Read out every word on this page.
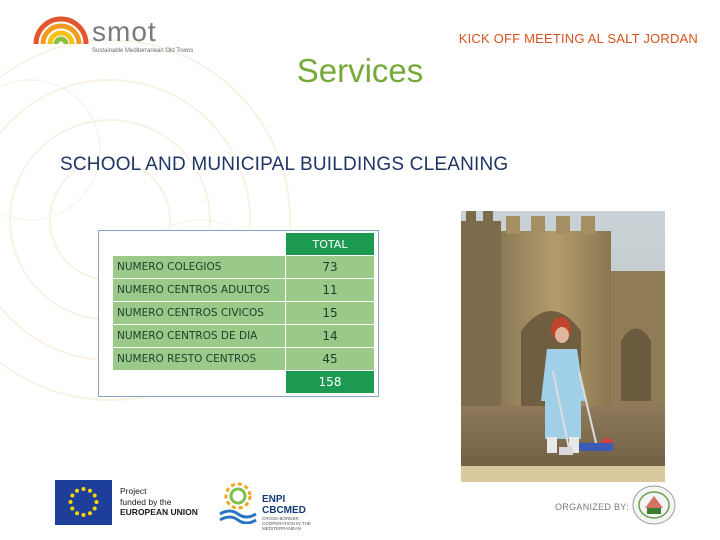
smot
Sustainable Mediterranean Old Towns
KICK OFF MEETING AL SALT JORDAN
Services
SCHOOL AND MUNICIPAL BUILDINGS CLEANING
	TOTAL
NUMERO COLEGIOS	73
NUMERO CENTROS ADULTOS	11
NUMERO CENTROS CIVICOS	15
NUMERO CENTROS DE DIA	14
NUMERO RESTO CENTROS	45
	158
Project
funded by the
EUROPEAN UNION
ENPI
CBCMED
CROSS-BORDER COOPERATION IN THE MEDITERRANEAN
ORGANIZED BY:
